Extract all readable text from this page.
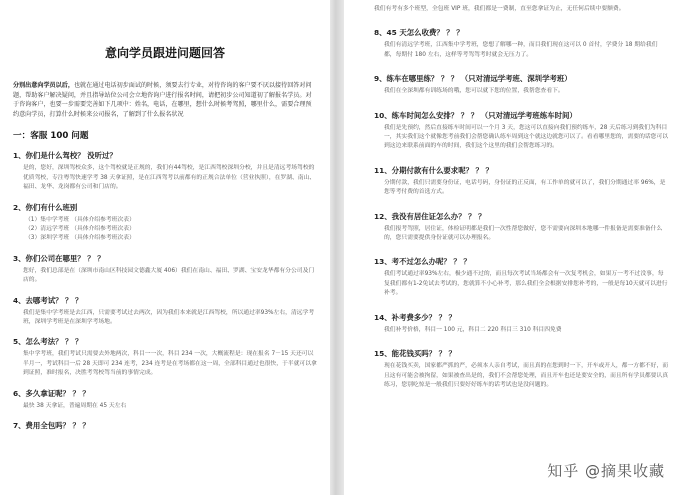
意向学员跟进问题回答
分别出意向学员以后，也就在通过电话初步面试的时候，须要去行专业，对待咨询的客户要不厌以接待回答对问题，帮助客户解决疑问，并且指导站位公司会立地咨询户进行报名时间，请把初步公司知道初了解报名学员。对于咨询客户，也要一步需要完善如下几项中：姓名，电话，在哪里，想什么时候考驾照，哪里什么，需要合理预约意向学员，打算什么时候来公司报名，了解到了什么报名状况
一：客服 100 问题
1、你们是什么驾校？ 没听过？
是的，您好，深圳驾校众多，这个驾校就是正规的，我们有44驾校，是江西驾校深圳分校，并且是清远考场驾校的优质驾校，专注粤驾快速学考 38 天拿证照，是在江西驾考以前都有的正规合法单位（营业执照），在罗湖、南山、福田、龙华、龙岗都有公司和门店的。
2、你们有什么班别
（1）集中学考班 （具体介绍参考班次表）
（2）清远学考班 （具体介绍参考班次表）
（3）深圳学考班 （具体介绍参考班次表）
3、你们公司在哪里？ ？ ？
您好，我们总部是在（深圳市南山区科技园文德鑫大厦 406）我们在南山、福田、罗湖、宝安龙华都有分公司及门店的。
4、去哪考试？ ？ ？
我们是集中学考班是去江西，只需要考试过去两次，因为我们本来就是江西驾校，所以通过率93%左右，清远学考班，深圳学考班是在深圳学考场地。
5、怎么考法？ ？ ？
集中学考班，我们考试只需要去外地两次，科目一一次，科目 234 一次，大概流程是：现在报名 7－15 天还可以半月一，考试科目一后 28 天即可 234 连考，234 连考是在考场都在这一周，全部科目通过也很快，于半就可以拿到证照，准时报名，决胜考驾校驾当前的事情完成。
6、多久拿证呢？ ？ ？
最快 38 天拿证，普遍周期在 45 天左右
7、费用全包吗？ ？ ？
我们有考有多个班型，全包班 VIP 班，我们都是一费制，直至您拿证为止，无任何后续中要额费。
8、45 天怎么收费？ ？ ？
我们有清远学考班，江西集中学考班，您想了解哪一种，而目我们现在这可以 0 首付，学费分 18 期给我们都，每期付 180 左右，这样等考驾驾考时就会无压力了。
9、练车在哪里练？ ？ ？ （只对清远学考班、深圳学考班）
我们在全深圳都有训练场的哦，您可以就下您的位置，我帮您查看下。
10、练车时间怎么安排？ ？ ？ （只对清远学考班练车时间）
我们是先预约，然后直接练车时间可以一个月 3 天，您这可以直接向我们预约练车，28 天后练习到我们为科目一，其实我们这个就像您考前我们会帮您确认练车周到这个就这边就您可以了。看看哪里您的，需要的话您可以到这边来联系前面的车的时间，我们这个这里的我们会帮您练习的。
11、分期付款有什么要求呢？ ？ ？
分期付款，我们只需要身份证，电话号码，身份证的正反面，有工作单的就可以了，我们分期通过率 96%，是您等考付费的首选方式。
12、我没有居住证怎么办？ ？ ？
我们报考驾照，居住证，体检证明都是我们一次性帮您做好，您不需要向深圳本地哪一件报备是需要准备什么的，您只需要提供身份证就可以办理报名。
13、考不过怎么办呢？ ？ ？
我们考试通过率93%左右，极少通不过的，而且每次考试当场都会有一次复考机会，如果万一考不过没事，每复我们都有1-2免试去考试的，您就算不小心补考，那么我们全会根据安排您补考的，一般是每10天就可以进行补考。
14、补考费多少？ ？ ？
我们补考价格，科目一 100 元，科目二 220 科目三 310 科目四免费
15、能花钱买吗？ ？ ？
现在花钱买卖，国家都严抓的严，必须本人亲自考试，而且真的在您到时一下，开车或开人，都一方都不好，而且这有可能会被拘留，如果被查出是的，我们不会帮您处理，而且开车也还是要安全的，而且所有学员都要认真练习，您别吃惊是一般我们只要好好练车的话考试也是没问题的。
知乎 @摘果收藏
